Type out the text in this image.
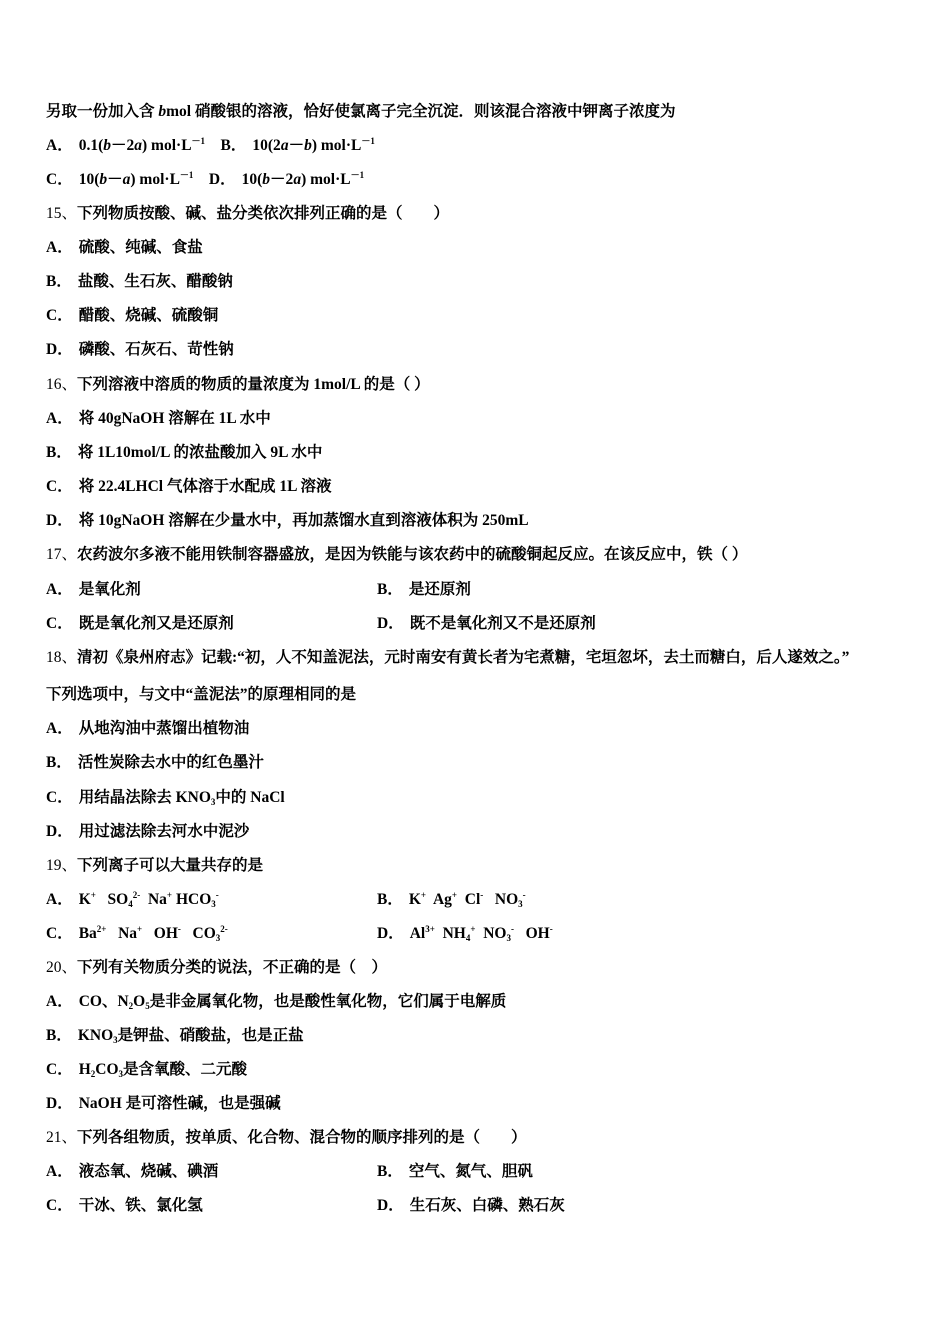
另取一份加入含 bmol 硝酸银的溶液，恰好使氯离子完全沉淀．则该混合溶液中钾离子浓度为
A． 0.1(b－2a) $mol\cdot L^{-1}$ B． 10(2a－b) $mol\cdot L^{-1}$
C． 10(b－a) $mol\cdot L^{-1}$ D． 10(b－2a) $mol\cdot L^{-1}$
15、下列物质按酸、碱、盐分类依次排列正确的是（　　）
A． 硫酸、纯碱、食盐
B． 盐酸、生石灰、醋酸钠
C． 醋酸、烧碱、硫酸铜
D． 磷酸、石灰石、苛性钠
16、下列溶液中溶质的物质的量浓度为 1mol/L 的是（ ）
A． 将 40gNaOH 溶解在 1L 水中
B． 将 1L10mol/L 的浓盐酸加入 9L 水中
C． 将 22.4LHCl 气体溶于水配成 1L 溶液
D． 将 10gNaOH 溶解在少量水中，再加蒸馏水直到溶液体积为 250mL
17、农药波尔多液不能用铁制容器盛放，是因为铁能与该农药中的硫酸铜起反应。在该反应中，铁（ ）
A． 是氧化剂	B． 是还原剂
C． 既是氧化剂又是还原剂	D． 既不是氧化剂又不是还原剂
18、清初《泉州府志》记载:“初，人不知盖泥法，元时南安有黄长者为宅煮糖，宅垣忽坏，去土而糖白，后人遂效之。”
下列选项中，与文中“盖泥法”的原理相同的是
A． 从地沟油中蒸馏出植物油
B． 活性炭除去水中的红色墨汁
C． 用结晶法除去 $KNO_3$中的 NaCl
D． 用过滤法除去河水中泥沙
19、下列离子可以大量共存的是
A． K+   $SO_4^{2-}$  Na+ $HCO_3^-$	B． K+  Ag+  Cl-   $NO_3^-$
C． $Ba^{2+}$   Na+   OH-   $CO_3^{2-}$	D． $Al^{3+}$  $NH_4^+$  $NO_3^-$   OH-
20、下列有关物质分类的说法，不正确的是（　）
A． CO、$N_2O_5$是非金属氧化物，也是酸性氧化物，它们属于电解质
B． $KNO_3$是钾盐、硝酸盐，也是正盐
C． $H_2CO_3$是含氧酸、二元酸
D． NaOH 是可溶性碱，也是强碱
21、下列各组物质，按单质、化合物、混合物的顺序排列的是（　　）
A． 液态氧、烧碱、碘酒	B． 空气、氮气、胆矾
C． 干冰、铁、氯化氢	D． 生石灰、白磷、熟石灰
